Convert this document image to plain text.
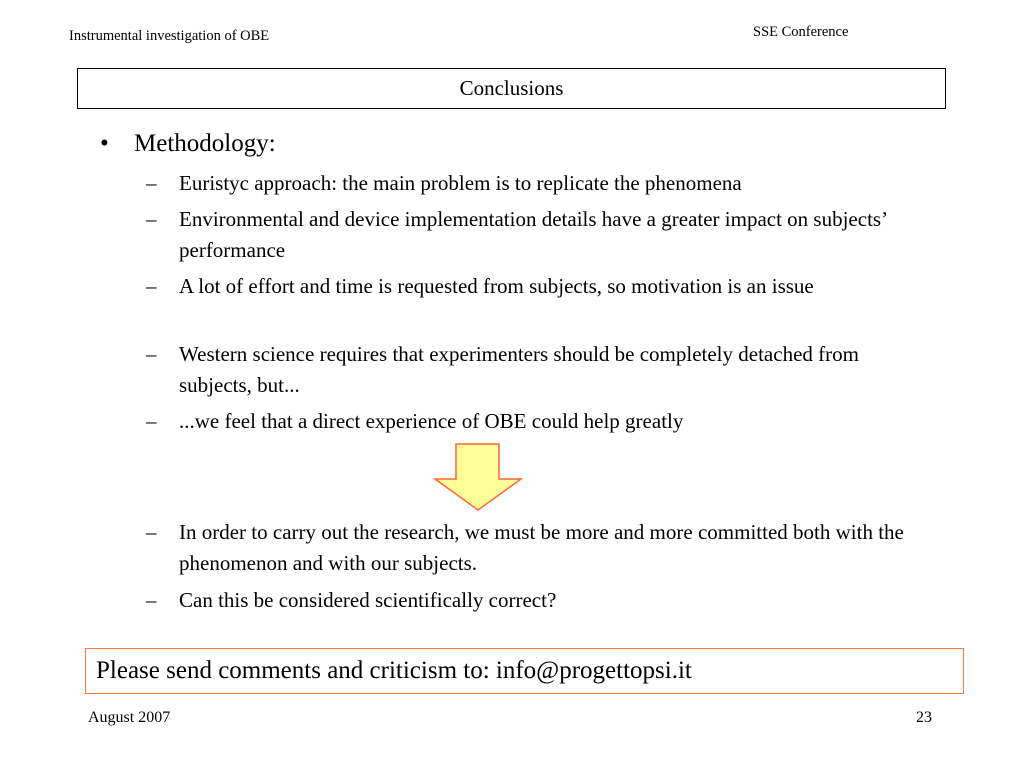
Instrumental investigation of OBE	SSE Conference
Conclusions
• Methodology:
– Euristyc approach: the main problem is to replicate the phenomena
– Environmental and device implementation details have a greater impact on subjects’ performance
– A lot of effort and time is requested from subjects, so motivation is an issue
– Western science requires that experimenters should be completely detached from subjects, but...
– ...we feel that a direct experience of OBE could help greatly
– In order to carry out the research, we must be more and more committed both with the phenomenon and with our subjects.
– Can this be considered scientifically correct?
Please send comments and criticism to: info@progettopsi.it
August 2007	23
